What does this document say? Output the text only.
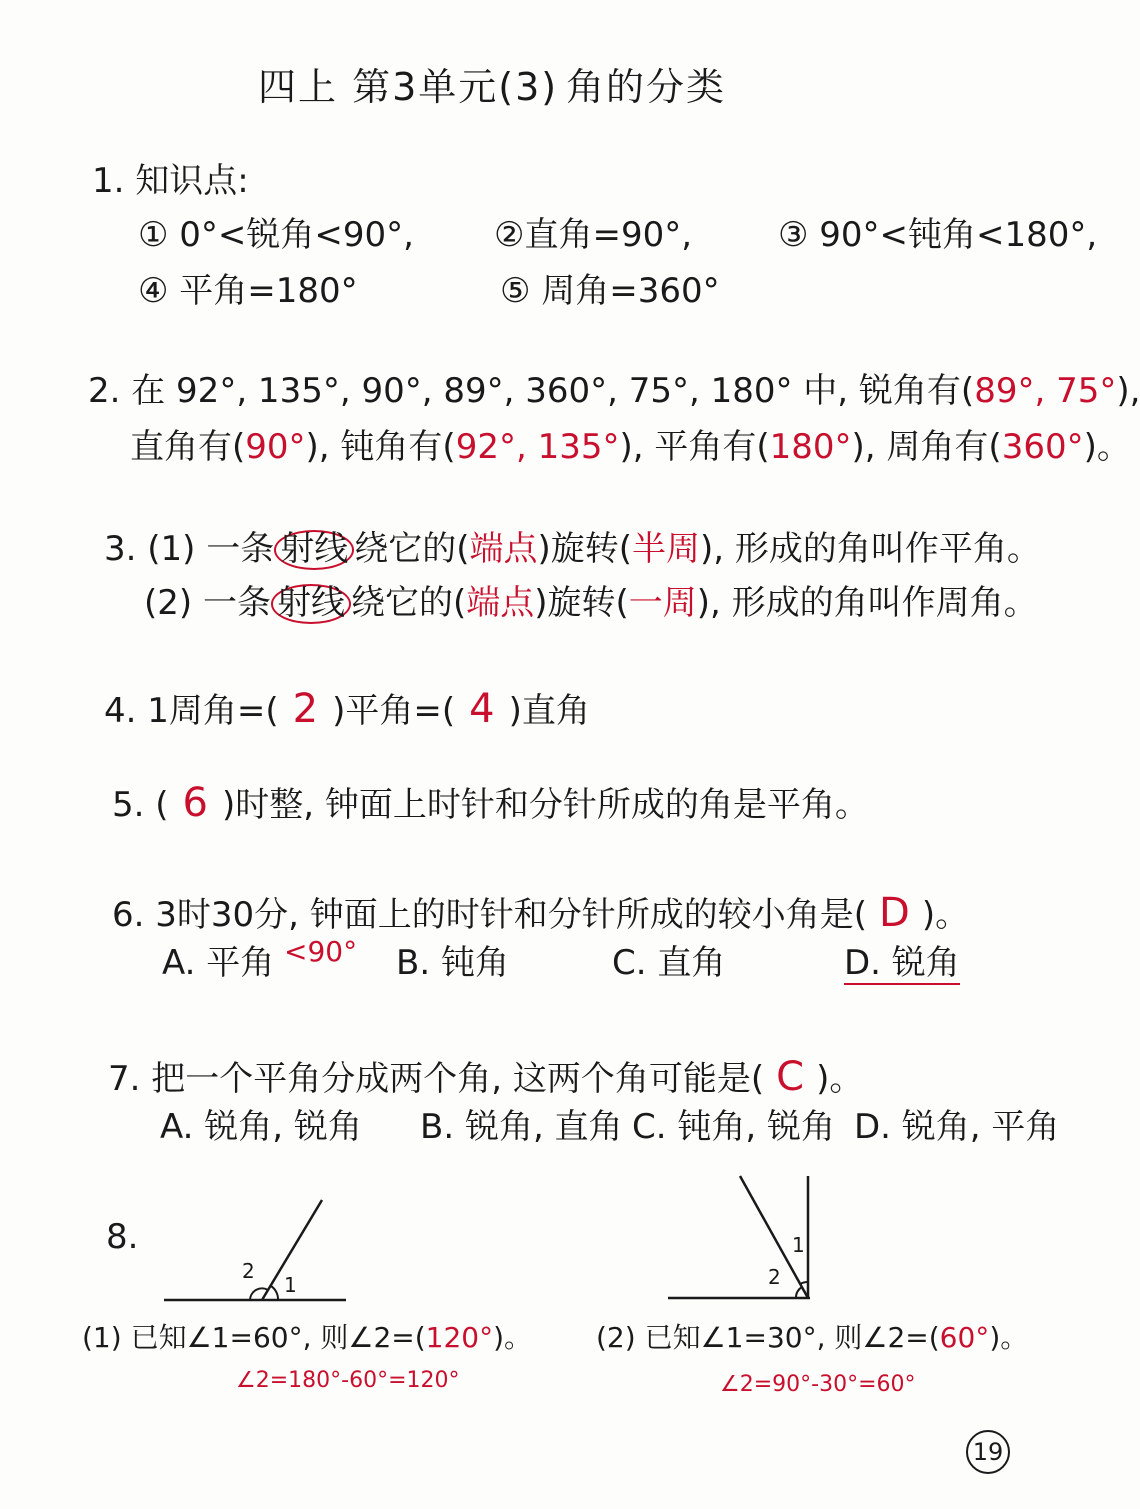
四上 第3单元(3) 角的分类
1. 知识点:
① 0°<锐角<90°, ②直角=90°,	③ 90°<钝角<180°,
④ 平角=180°	⑤ 周角=360°
2. 在 92°, 135°, 90°, 89°, 360°, 75°, 180° 中, 锐角有(89°, 75°),
直角有(90°), 钝角有(92°, 135°), 平角有(180°), 周角有(360°)。
3. (1) 一条 射线 绕它的(端点)旋转(半周), 形成的角叫作平角。
(2) 一条 射线 绕它的(端点)旋转(一周), 形成的角叫作周角。
4. 1周角=( 2 )平角=( 4 )直角
5. ( 6 )时整, 钟面上时针和分针所成的角是平角。
6. 3时30分, 钟面上的时针和分针所成的较小角是( D )。
A. 平角 <90° B. 钝角	C. 直角	D. 锐角
7. 把一个平角分成两个角, 这两个角可能是( C )。
A. 锐角, 锐角 B. 锐角, 直角 C. 钝角, 锐角 D. 锐角, 平角
8.
2
1
1
2
(1) 已知∠1=60°, 则∠2=(120°)。
∠2=180°-60°=120°
(2) 已知∠1=30°, 则∠2=(60°)。
∠2=90°-30°=60°
19
